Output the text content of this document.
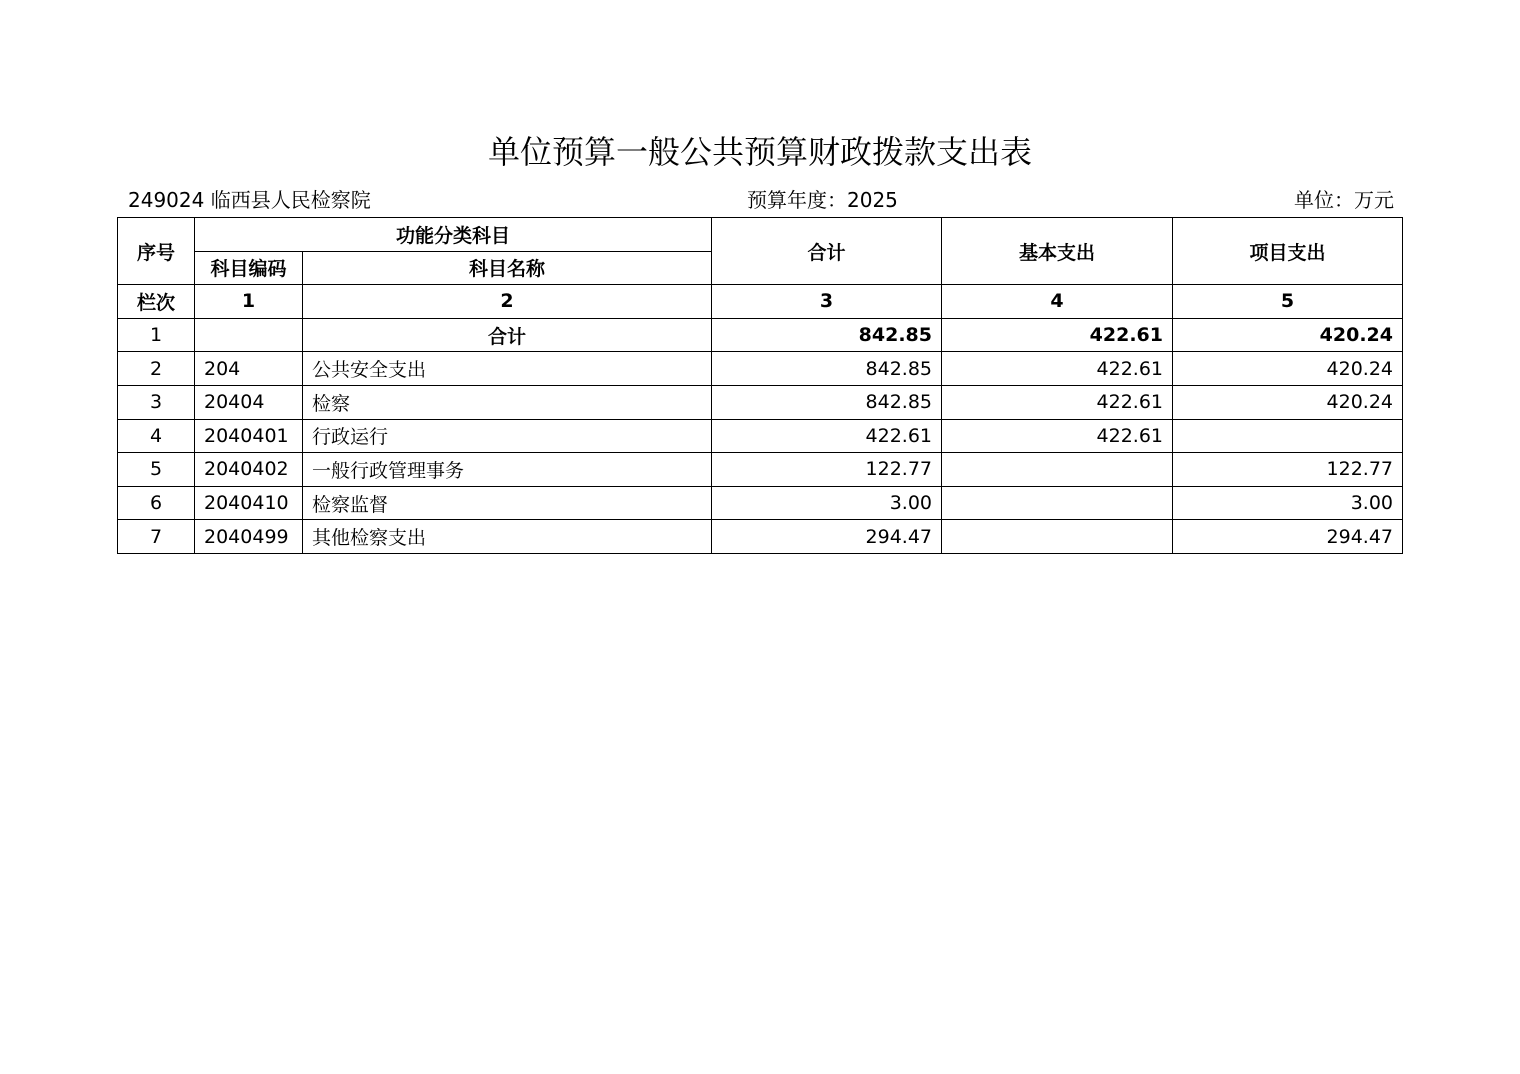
单位预算一般公共预算财政拨款支出表
249024 临西县人民检察院	预算年度：2025	单位：万元
序号	功能分类科目		合计	基本支出	项目支出
	科目编码	科目名称			
栏次	1	2	3	4	5
1		合计	842.85	422.61	420.24
2	204	公共安全支出	842.85	422.61	420.24
3	20404	检察	842.85	422.61	420.24
4	2040401	行政运行	422.61	422.61	
5	2040402	一般行政管理事务	122.77		122.77
6	2040410	检察监督	3.00		3.00
7	2040499	其他检察支出	294.47		294.47
